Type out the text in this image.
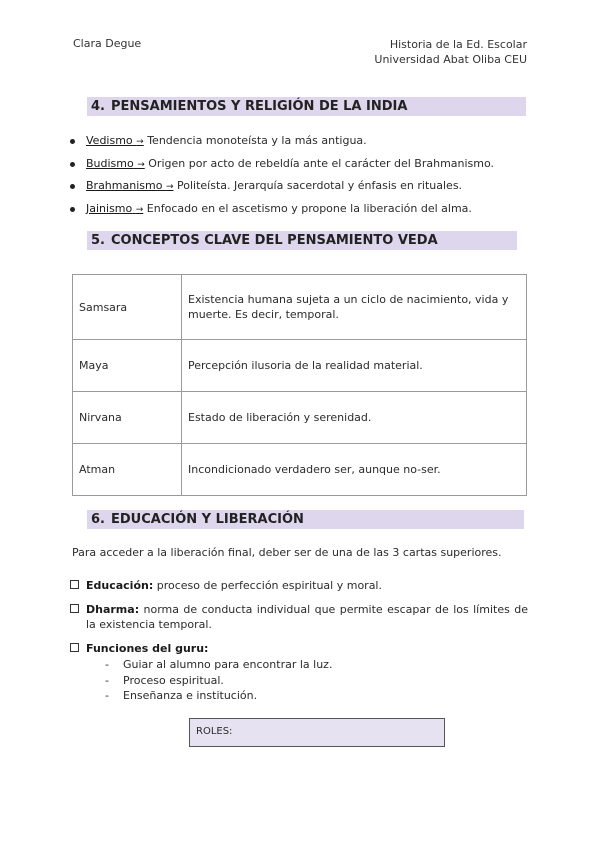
Clara Degue	Historia de la Ed. Escolar
Universidad Abat Oliba CEU
4. PENSAMIENTOS Y RELIGIÓN DE LA INDIA
Vedismo → Tendencia monoteísta y la más antigua.
Budismo → Origen por acto de rebeldía ante el carácter del Brahmanismo.
Brahmanismo → Politeísta. Jerarquía sacerdotal y énfasis en rituales.
Jainismo → Enfocado en el ascetismo y propone la liberación del alma.
5. CONCEPTOS CLAVE DEL PENSAMIENTO VEDA
Samsara	Existencia humana sujeta a un ciclo de nacimiento, vida y muerte. Es decir, temporal.
Maya	Percepción ilusoria de la realidad material.
Nirvana	Estado de liberación y serenidad.
Atman	Incondicionado verdadero ser, aunque no-ser.
6. EDUCACIÓN Y LIBERACIÓN
Para acceder a la liberación final, deber ser de una de las 3 cartas superiores.
Educación: proceso de perfección espiritual y moral.
Dharma: norma de conducta individual que permite escapar de los límites de la existencia temporal.
Funciones del guru:
- Guiar al alumno para encontrar la luz.
- Proceso espiritual.
- Enseñanza e institución.
ROLES:
